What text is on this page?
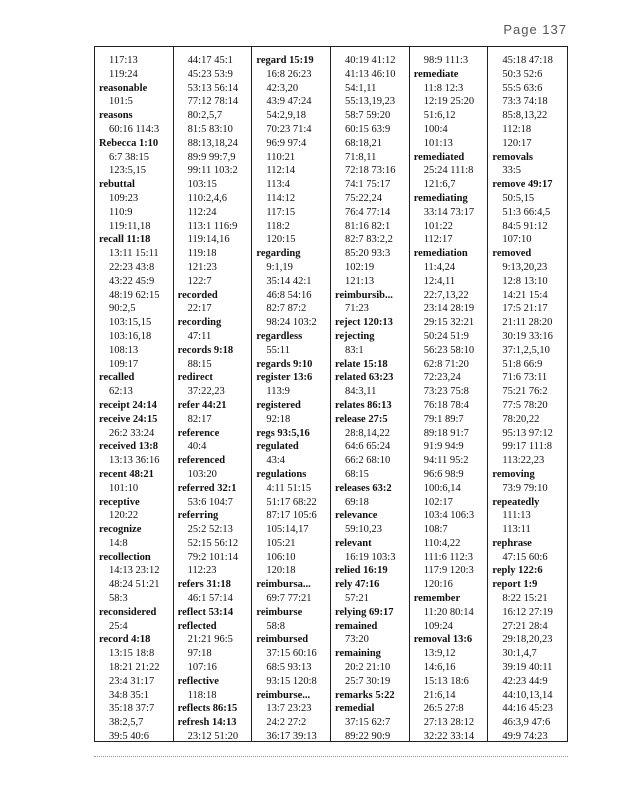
Page 137
117:13
119:24
reasonable
101:5
reasons
60:16 114:3
Rebecca 1:10
6:7 38:15
123:5,15
rebuttal
109:23
110:9
119:11,18
recall 11:18
13:11 15:11
22:23 43:8
43:22 45:9
48:19 62:15
90:2,5
103:15,15
103:16,18
108:13
109:17
recalled
62:13
receipt 24:14
receive 24:15
26:2 33:24
received 13:8
13:13 36:16
recent 48:21
101:10
receptive
120:22
recognize
14:8
recollection
14:13 23:12
48:24 51:21
58:3
reconsidered
25:4
record 4:18
13:15 18:8
18:21 21:22
23:4 31:17
34:8 35:1
35:18 37:7
38:2,5,7
39:5 40:6
44:17 45:1
45:23 53:9
53:13 56:14
77:12 78:14
80:2,5,7
81:5 83:10
88:13,18,24
89:9 99:7,9
99:11 103:2
103:15
110:2,4,6
112:24
113:1 116:9
119:14,16
119:18
121:23
122:7
recorded
22:17
recording
47:11
records 9:18
88:15
redirect
37:22,23
refer 44:21
82:17
reference
40:4
referenced
103:20
referred 32:1
53:6 104:7
referring
25:2 52:13
52:15 56:12
79:2 101:14
112:23
refers 31:18
46:1 57:14
reflect 53:14
reflected
21:21 96:5
97:18
107:16
reflective
118:18
reflects 86:15
refresh 14:13
23:12 51:20
regard 15:19
16:8 26:23
42:3,20
43:9 47:24
54:2,9,18
70:23 71:4
96:9 97:4
110:21
112:14
113:4
114:12
117:15
118:2
120:15
regarding
9:1,19
35:14 42:1
46:8 54:16
82:7 87:2
98:24 103:2
regardless
55:11
regards 9:10
register 13:6
113:9
registered
92:18
regs 93:5,16
regulated
43:4
regulations
4:11 51:15
51:17 68:22
87:17 105:6
105:14,17
105:21
106:10
120:18
reimbursa...
69:7 77:21
reimburse
58:8
reimbursed
37:15 60:16
68:5 93:13
93:15 120:8
reimburse...
13:7 23:23
24:2 27:2
36:17 39:13
40:19 41:12
41:13 46:10
54:1,11
55:13,19,23
58:7 59:20
60:15 63:9
68:18,21
71:8,11
72:18 73:16
74:1 75:17
75:22,24
76:4 77:14
81:16 82:1
82:7 83:2,2
85:20 93:3
102:19
121:13
reimbursib...
71:23
reject 120:13
rejecting
83:1
relate 15:18
related 63:23
84:3,11
relates 86:13
release 27:5
28:8,14,22
64:6 65:24
66:2 68:10
68:15
releases 63:2
69:18
relevance
59:10,23
relevant
16:19 103:3
relied 16:19
rely 47:16
57:21
relying 69:17
remained
73:20
remaining
20:2 21:10
25:7 30:19
remarks 5:22
remedial
37:15 62:7
89:22 90:9
98:9 111:3
remediate
11:8 12:3
12:19 25:20
51:6,12
100:4
101:13
remediated
25:24 111:8
121:6,7
remediating
33:14 73:17
101:22
112:17
remediation
11:4,24
12:4,11
22:7,13,22
23:14 28:19
29:15 32:21
50:24 51:9
56:23 58:10
62:8 71:20
72:23,24
73:23 75:8
76:18 78:4
79:1 89:7
89:18 91:7
91:9 94:9
94:11 95:2
96:6 98:9
100:6,14
102:17
103:4 106:3
108:7
110:4,22
111:6 112:3
117:9 120:3
120:16
remember
11:20 80:14
109:24
removal 13:6
13:9,12
14:6,16
15:13 18:6
21:6,14
26:5 27:8
27:13 28:12
32:22 33:14
45:18 47:18
50:3 52:6
55:5 63:6
73:3 74:18
85:8,13,22
112:18
120:17
removals
33:5
remove 49:17
50:5,15
51:3 66:4,5
84:5 91:12
107:10
removed
9:13,20,23
12:8 13:10
14:21 15:4
17:5 21:17
21:11 28:20
30:19 33:16
37:1,2,5,10
51:8 66:9
71:6 73:11
75:21 76:2
77:5 78:20
78:20,22
95:13 97:12
99:17 111:8
113:22,23
removing
73:9 79:10
repeatedly
111:13
113:11
rephrase
47:15 60:6
reply 122:6
report 1:9
8:22 15:21
16:12 27:19
27:21 28:4
29:18,20,23
30:1,4,7
39:19 40:11
42:23 44:9
44:10,13,14
44:16 45:23
46:3,9 47:6
49:9 74:23
